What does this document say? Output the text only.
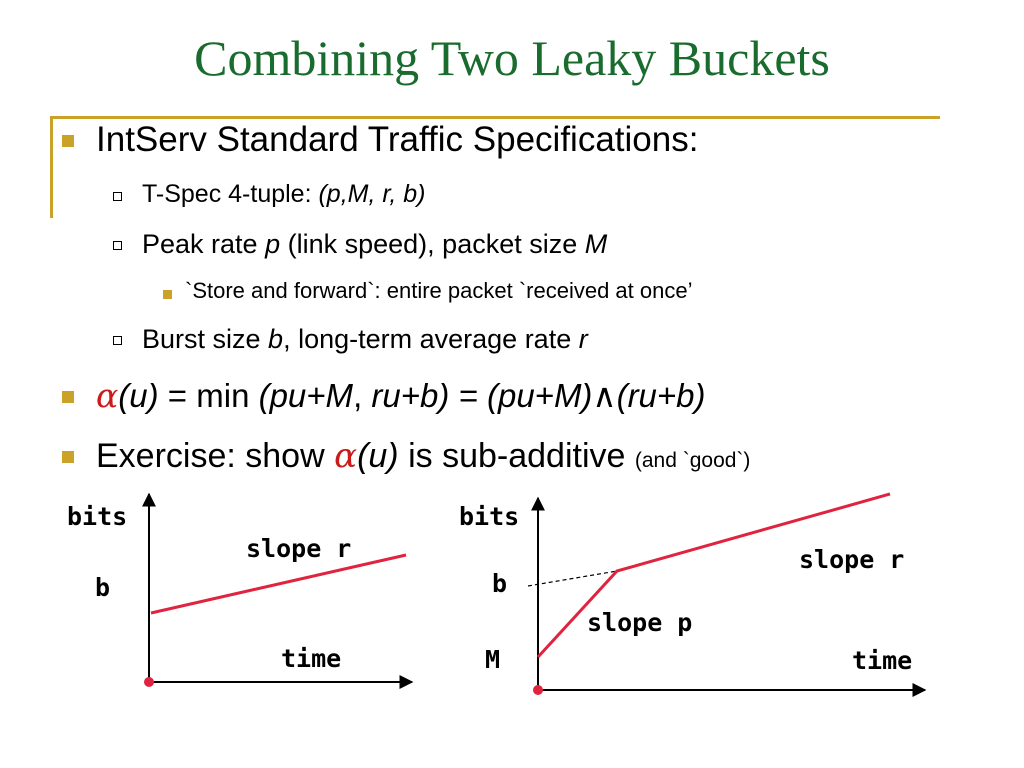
Combining Two Leaky Buckets
IntServ Standard Traffic Specifications:
T-Spec 4-tuple: (p,M, r, b)
Peak rate p (link speed), packet size M
`Store and forward`: entire packet `received at once’
Burst size b, long-term average rate r
α(u) = min (pu+M, ru+b) = (pu+M)∧(ru+b)
Exercise: show α(u) is sub-additive (and `good`)
bits
b
slope r
time
bits
b
M
slope p
slope r
time
